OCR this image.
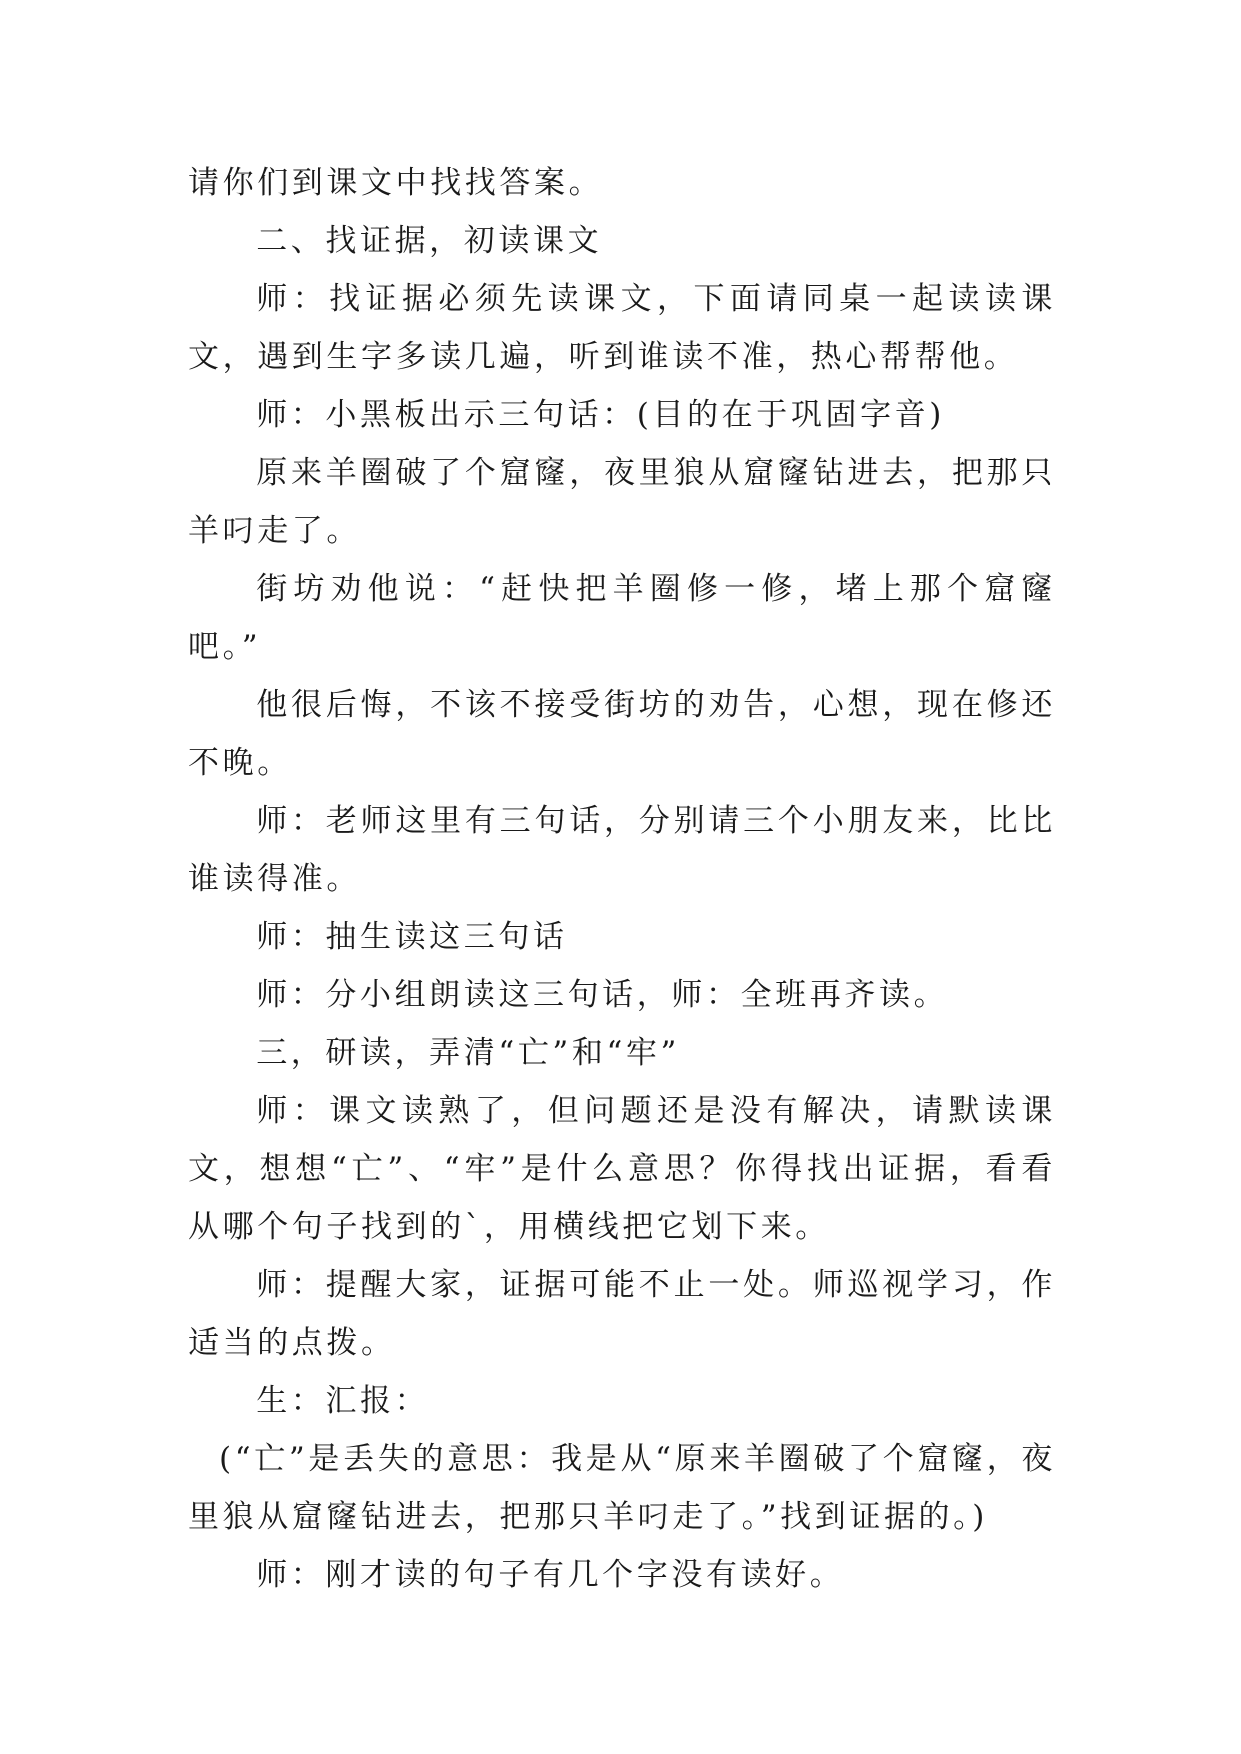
请你们到课文中找找答案。

二、找证据，初读课文

师：找证据必须先读课文，下面请同桌一起读读课文，遇到生字多读几遍，听到谁读不准，热心帮帮他。

师：小黑板出示三句话：(目的在于巩固字音)

原来羊圈破了个窟窿，夜里狼从窟窿钻进去，把那只羊叼走了。

街坊劝他说：“赶快把羊圈修一修，堵上那个窟窿吧。”

他很后悔，不该不接受街坊的劝告，心想，现在修还不晚。

师：老师这里有三句话，分别请三个小朋友来，比比谁读得准。

师：抽生读这三句话

师：分小组朗读这三句话，师：全班再齐读。

三，研读，弄清“亡”和“牢”

师：课文读熟了，但问题还是没有解决，请默读课文，想想“亡”、“牢”是什么意思？你得找出证据，看看从哪个句子找到的`，用横线把它划下来。

师：提醒大家，证据可能不止一处。师巡视学习，作适当的点拨。

生：汇报：

(“亡”是丢失的意思：我是从“原来羊圈破了个窟窿，夜里狼从窟窿钻进去，把那只羊叼走了。”找到证据的。)

师：刚才读的句子有几个字没有读好。
